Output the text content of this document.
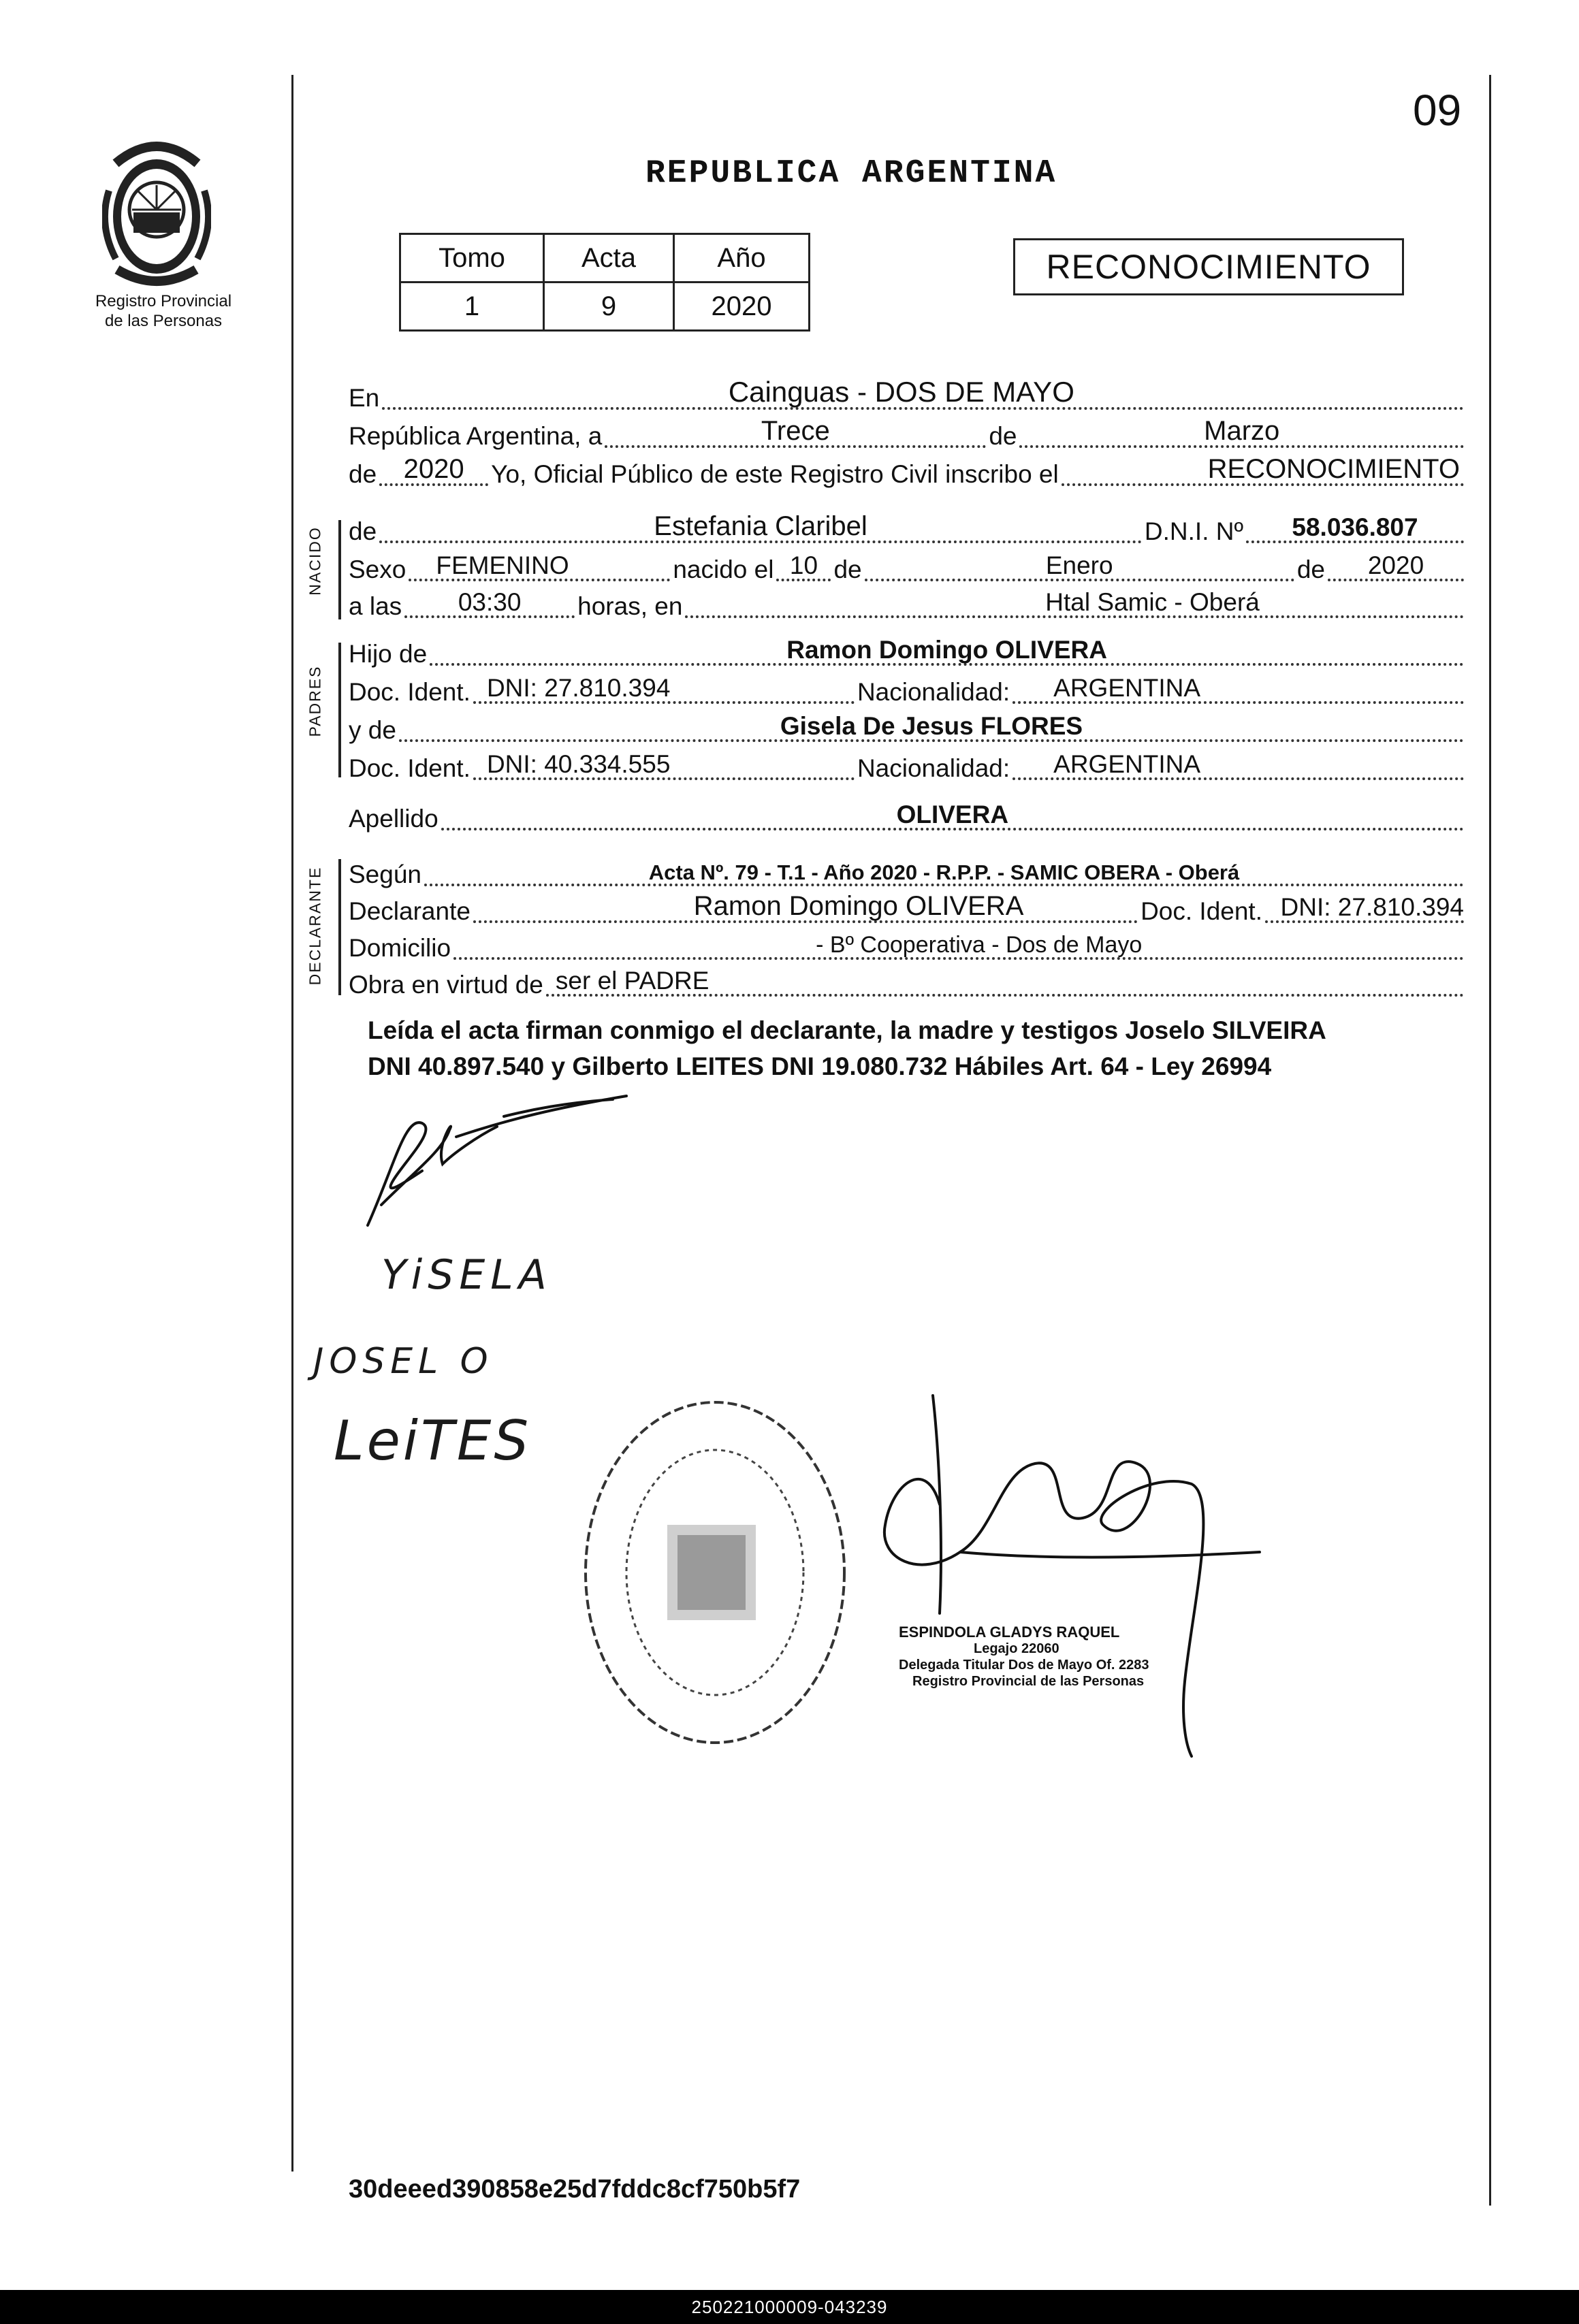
09
REPUBLICA ARGENTINA
Registro Provincial
de las Personas
Tomo	Acta	Año
1	9	2020
RECONOCIMIENTO
En	Cainguas - DOS DE MAYO
República Argentina, a	Trece	de	Marzo
de 2020 Yo, Oficial Público de este Registro Civil inscribo el	RECONOCIMIENTO
NACIDO de	Estefania Claribel	D.N.I. Nº 58.036.807
Sexo FEMENINO	nacido el 10 de	Enero	de 2020
a las 03:30 horas, en	Htal Samic - Oberá
PADRES
Hijo de	Ramon Domingo OLIVERA
Doc. Ident. DNI: 27.810.394	Nacionalidad: ARGENTINA
y de	Gisela De Jesus FLORES
Doc. Ident. DNI: 40.334.555	Nacionalidad: ARGENTINA
Apellido	OLIVERA
DECLARANTE Según	Acta Nº. 79 - T.1 - Año 2020 - R.P.P. - SAMIC OBERA - Oberá
Declarante	Ramon Domingo OLIVERA	Doc. Ident. DNI: 27.810.394
Domicilio	- Bº Cooperativa - Dos de Mayo
Obra en virtud de ser el PADRE
Leída el acta firman conmigo el declarante, la madre y testigos Joselo SILVEIRA
DNI 40.897.540 y Gilberto LEITES DNI 19.080.732 Hábiles Art. 64 - Ley 26994
YiSELA
JOSEL O
LeiTES
ESPINDOLA GLADYS RAQUEL
Legajo 22060
Delegada Titular Dos de Mayo Of. 2283
Registro Provincial de las Personas
30deeed390858e25d7fddc8cf750b5f7
250221000009-043239
